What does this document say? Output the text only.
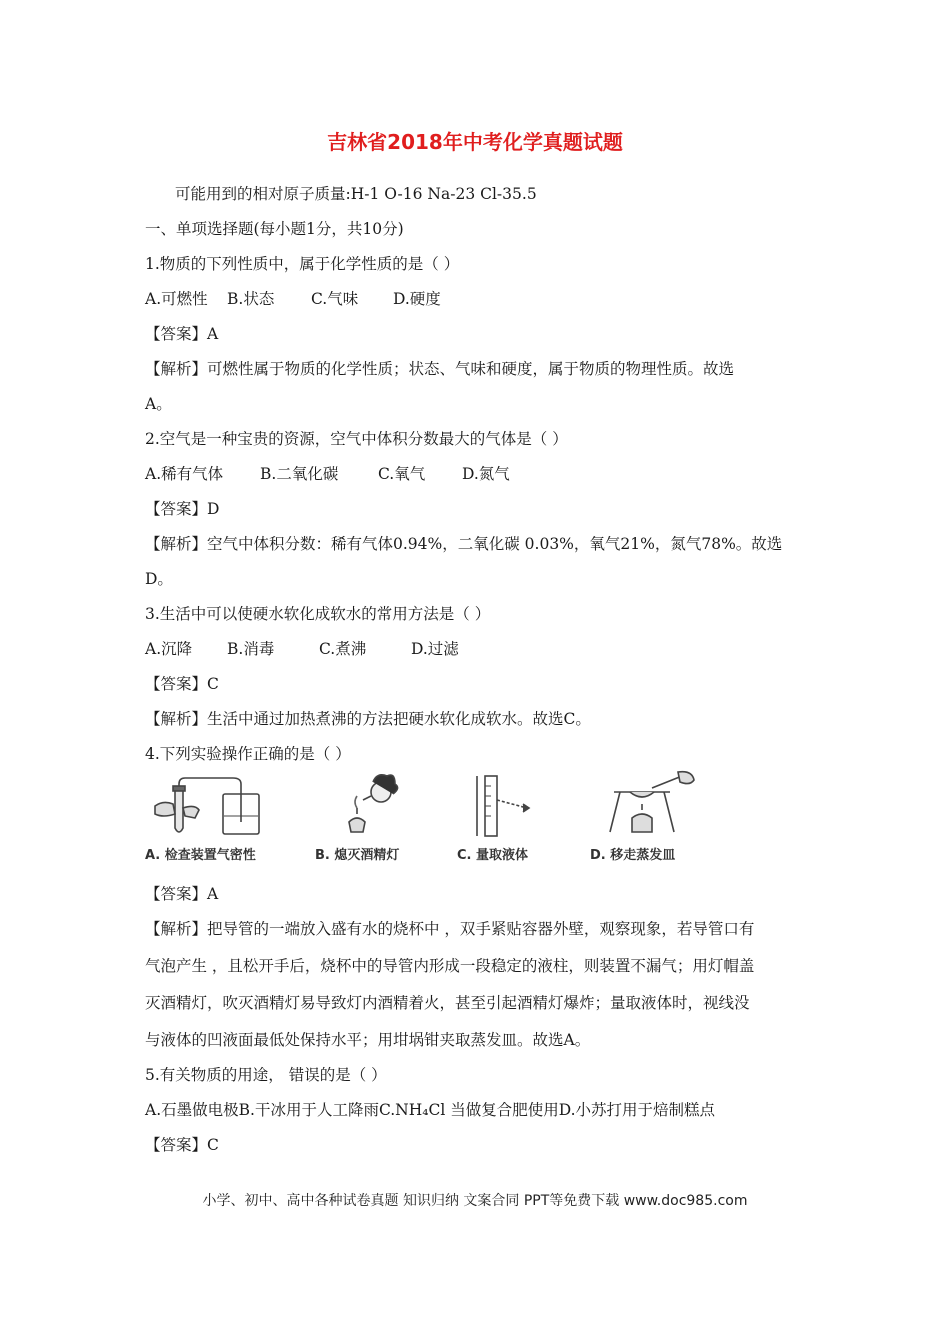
吉林省2018年中考化学真题试题
可能用到的相对原子质量:H-1 O-16 Na-23 Cl-35.5
一、单项选择题(每小题1分，共10分)
1.物质的下列性质中，属于化学性质的是（ ）
A.可燃性 B.状态 C.气味 D.硬度
【答案】A
【解析】可燃性属于物质的化学性质；状态、气味和硬度，属于物质的物理性质。故选
A。
2.空气是一种宝贵的资源，空气中体积分数最大的气体是（ ）
A.稀有气体 B.二氧化碳	C.氧气 D.氮气
【答案】D
【解析】空气中体积分数：稀有气体0.94%，二氧化碳 0.03%，氧气21%，氮气78%。故选
D。
3.生活中可以使硬水软化成软水的常用方法是（ ）
A.沉降 B.消毒	C.煮沸	D.过滤
【答案】C
【解析】生活中通过加热煮沸的方法把硬水软化成软水。故选C。
4.下列实验操作正确的是（ ）
A. 检查装置气密性	B. 熄灭酒精灯	C. 量取液体	D. 移走蒸发皿
【答案】A
【解析】把导管的一端放入盛有水的烧杯中 ，双手紧贴容器外壁，观察现象，若导管口有
气泡产生 ，且松开手后，烧杯中的导管内形成一段稳定的液柱，则装置不漏气；用灯帽盖
灭酒精灯，吹灭酒精灯易导致灯内酒精着火，甚至引起酒精灯爆炸；量取液体时，视线没
与液体的凹液面最低处保持水平；用坩埚钳夹取蒸发皿。故选A。
5.有关物质的用途， 错误的是（ ）
A.石墨做电极B.干冰用于人工降雨C.NH₄Cl 当做复合肥使用D.小苏打用于焙制糕点
【答案】C
小学、初中、高中各种试卷真题 知识归纳 文案合同 PPT等免费下载 www.doc985.com
